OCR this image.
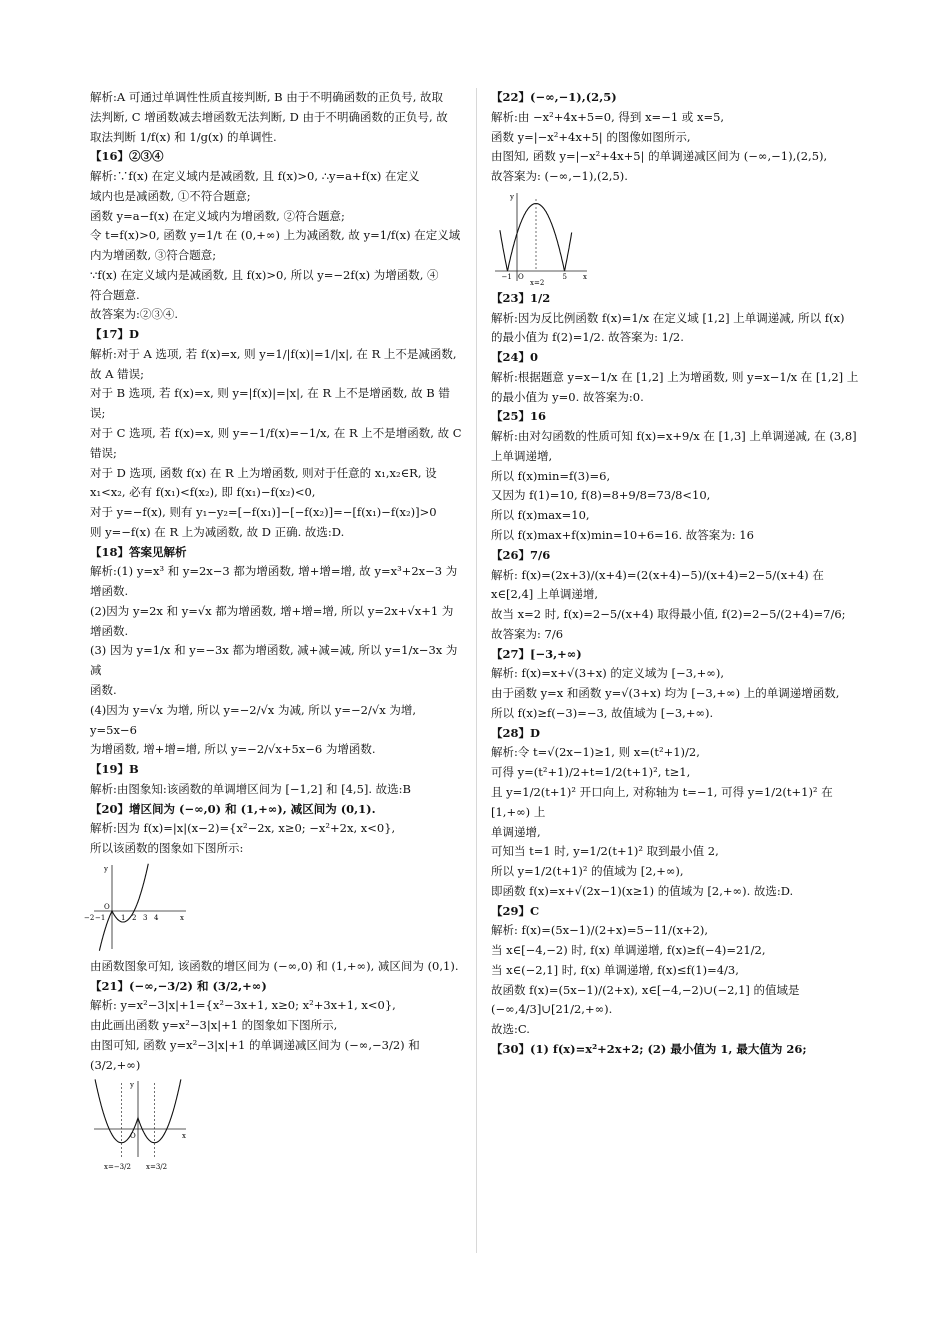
解析:A 可通过单调性性质直接判断, B 由于不明确函数的正负号, 故取

法判断, C 增函数减去增函数无法判断, D 由于不明确函数的正负号, 故

取法判断 1/f(x) 和 1/g(x) 的单调性.

【16】②③④

解析:∵f(x) 在定义域内是减函数, 且 f(x)>0, ∴y=a+f(x) 在定义

域内也是减函数, ①不符合题意;

函数 y=a−f(x) 在定义域内为增函数, ②符合题意;

令 t=f(x)>0, 函数 y=1/t 在 (0,+∞) 上为减函数, 故 y=1/f(x) 在定义域

内为增函数, ③符合题意;

∵f(x) 在定义域内是减函数, 且 f(x)>0, 所以 y=−2f(x) 为增函数, ④

符合题意.

故答案为:②③④.

【17】D

解析:对于 A 选项, 若 f(x)=x, 则 y=1/|f(x)|=1/|x|, 在 R 上不是减函数,

故 A 错误;

对于 B 选项, 若 f(x)=x, 则 y=|f(x)|=|x|, 在 R 上不是增函数, 故 B 错

误;

对于 C 选项, 若 f(x)=x, 则 y=−1/f(x)=−1/x, 在 R 上不是增函数, 故 C

错误;

对于 D 选项, 函数 f(x) 在 R 上为增函数, 则对于任意的 x₁,x₂∈R, 设

x₁<x₂, 必有 f(x₁)<f(x₂), 即 f(x₁)−f(x₂)<0,

对于 y=−f(x), 则有 y₁−y₂=[−f(x₁)]−[−f(x₂)]=−[f(x₁)−f(x₂)]>0

则 y=−f(x) 在 R 上为减函数, 故 D 正确. 故选:D.

【18】答案见解析

解析:(1) y=x³ 和 y=2x−3 都为增函数, 增+增=增, 故 y=x³+2x−3 为

增函数.

(2)因为 y=2x 和 y=√x 都为增函数, 增+增=增, 所以 y=2x+√x+1 为

增函数.

(3) 因为 y=1/x 和 y=−3x 都为增函数, 减+减=减, 所以 y=1/x−3x 为减

函数.

(4)因为 y=√x 为增, 所以 y=−2/√x 为减, 所以 y=−2/√x 为增, y=5x−6

为增函数, 增+增=增, 所以 y=−2/√x+5x−6 为增函数.

【19】B

解析:由图象知:该函数的单调增区间为 [−1,2] 和 [4,5]. 故选:B

【20】增区间为 (−∞,0) 和 (1,+∞), 减区间为 (0,1).

解析:因为 f(x)=|x|(x−2)={x²−2x, x≥0; −x²+2x, x<0},

所以该函数的图象如下图所示:

−2 −1 1 2 3 4	x
y
O

由函数图象可知, 该函数的增区间为 (−∞,0) 和 (1,+∞), 减区间为 (0,1).

【21】(−∞,−3/2) 和 (3/2,+∞)

解析: y=x²−3|x|+1={x²−3x+1, x≥0; x²+3x+1, x<0},

由此画出函数 y=x²−3|x|+1 的图象如下图所示,

由图可知, 函数 y=x²−3|x|+1 的单调递减区间为 (−∞,−3/2) 和 (3/2,+∞)

x=−3/2 x=3/2
x
y
O

【22】(−∞,−1),(2,5)

解析:由 −x²+4x+5=0, 得到 x=−1 或 x=5,

函数 y=|−x²+4x+5| 的图像如图所示,

由图知, 函数 y=|−x²+4x+5| 的单调递减区间为 (−∞,−1),(2,5),

故答案为: (−∞,−1),(2,5).

−1 O	5
x=2
x
y

【23】1/2

解析:因为反比例函数 f(x)=1/x 在定义域 [1,2] 上单调递减, 所以 f(x)

的最小值为 f(2)=1/2. 故答案为: 1/2.

【24】0

解析:根据题意 y=x−1/x 在 [1,2] 上为增函数, 则 y=x−1/x 在 [1,2] 上

的最小值为 y=0. 故答案为:0.

【25】16

解析:由对勾函数的性质可知 f(x)=x+9/x 在 [1,3] 上单调递减, 在 (3,8]

上单调递增,

所以 f(x)min=f(3)=6,

又因为 f(1)=10, f(8)=8+9/8=73/8<10,

所以 f(x)max=10,

所以 f(x)max+f(x)min=10+6=16. 故答案为: 16

【26】7/6

解析: f(x)=(2x+3)/(x+4)=(2(x+4)−5)/(x+4)=2−5/(x+4) 在 x∈[2,4] 上单调递增,

故当 x=2 时, f(x)=2−5/(x+4) 取得最小值, f(2)=2−5/(2+4)=7/6;

故答案为: 7/6

【27】[−3,+∞)

解析: f(x)=x+√(3+x) 的定义域为 [−3,+∞),

由于函数 y=x 和函数 y=√(3+x) 均为 [−3,+∞) 上的单调递增函数,

所以 f(x)≥f(−3)=−3, 故值域为 [−3,+∞).

【28】D

解析:令 t=√(2x−1)≥1, 则 x=(t²+1)/2,

可得 y=(t²+1)/2+t=1/2(t+1)², t≥1,

且 y=1/2(t+1)² 开口向上, 对称轴为 t=−1, 可得 y=1/2(t+1)² 在 [1,+∞) 上

单调递增,

可知当 t=1 时, y=1/2(t+1)² 取到最小值 2,

所以 y=1/2(t+1)² 的值域为 [2,+∞),

即函数 f(x)=x+√(2x−1)(x≥1) 的值域为 [2,+∞). 故选:D.

【29】C

解析: f(x)=(5x−1)/(2+x)=5−11/(x+2),

当 x∈[−4,−2) 时, f(x) 单调递增, f(x)≥f(−4)=21/2,

当 x∈(−2,1] 时, f(x) 单调递增, f(x)≤f(1)=4/3,

故函数 f(x)=(5x−1)/(2+x), x∈[−4,−2)∪(−2,1] 的值域是 (−∞,4/3]∪[21/2,+∞).

故选:C.

【30】(1) f(x)=x²+2x+2; (2) 最小值为 1, 最大值为 26;
